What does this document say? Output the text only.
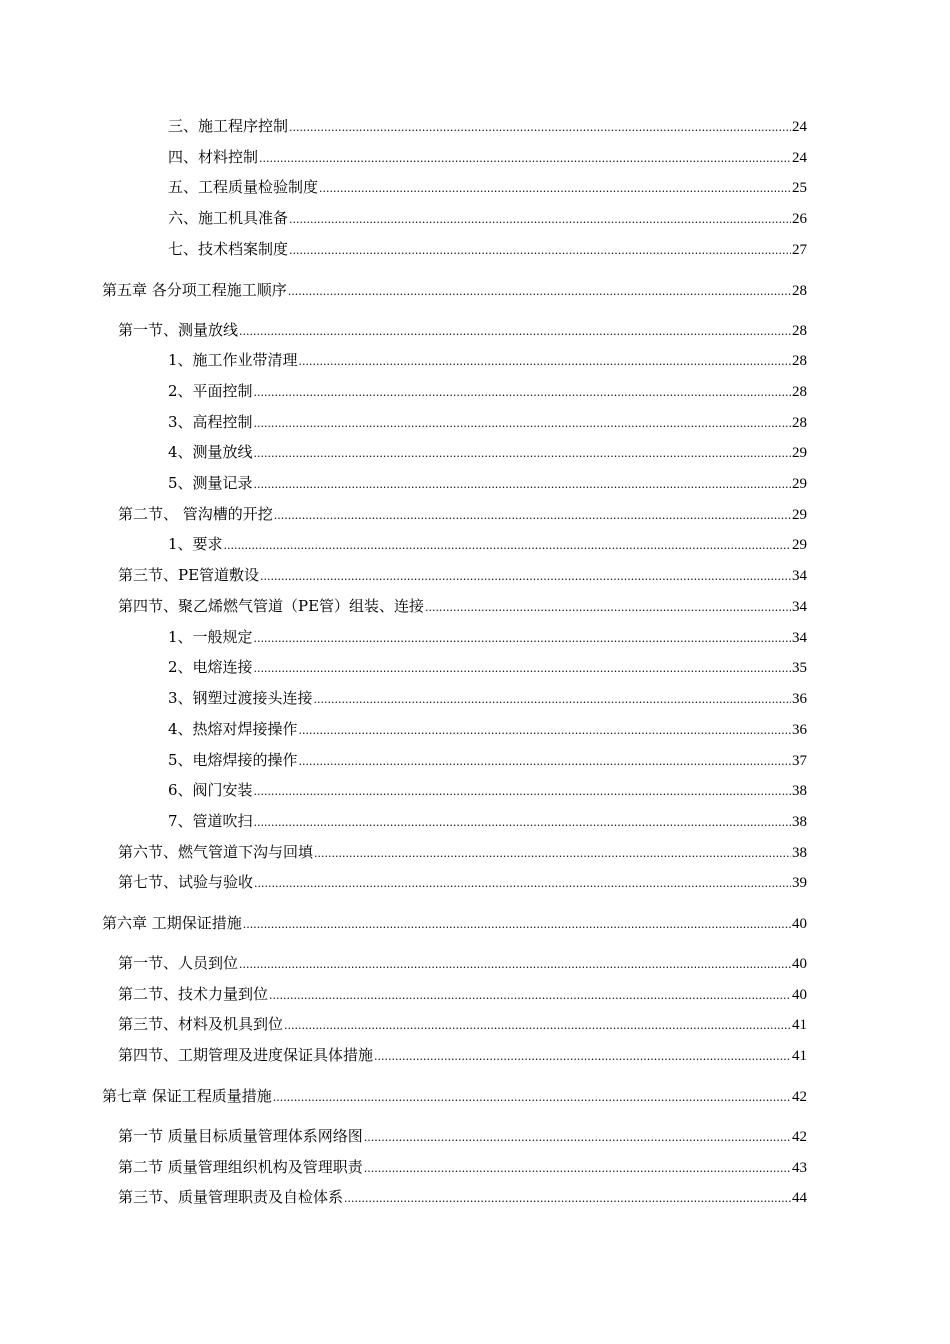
三、施工程序控制 .....	24
四、材料控制 .....	24
五、工程质量检验制度 .....	25
六、施工机具准备 .....	26
七、技术档案制度 .....	27
第五章 各分项工程施工顺序 .....	28
第一节、测量放线 .....	28
1、施工作业带清理 .....	28
2、平面控制 .....	28
3、高程控制 .....	28
4、测量放线 .....	29
5、测量记录 .....	29
第二节、 管沟槽的开挖 .....	29
1、要求 .....	29
第三节、PE管道敷设 .....	34
第四节、聚乙烯燃气管道（PE管）组装、连接 .....	34
1、一般规定 .....	34
2、电熔连接 .....	35
3、钢塑过渡接头连接 .....	36
4、热熔对焊接操作 .....	36
5、电熔焊接的操作 .....	37
6、阀门安装 .....	38
7、管道吹扫 .....	38
第六节、燃气管道下沟与回填 .....	38
第七节、试验与验收 .....	39
第六章 工期保证措施 .....	40
第一节、人员到位 .....	40
第二节、技术力量到位 .....	40
第三节、材料及机具到位 .....	41
第四节、工期管理及进度保证具体措施 .....	41
第七章 保证工程质量措施 .....	42
第一节 质量目标质量管理体系网络图 .....	42
第二节 质量管理组织机构及管理职责 .....	43
第三节、质量管理职责及自检体系 .....	44
